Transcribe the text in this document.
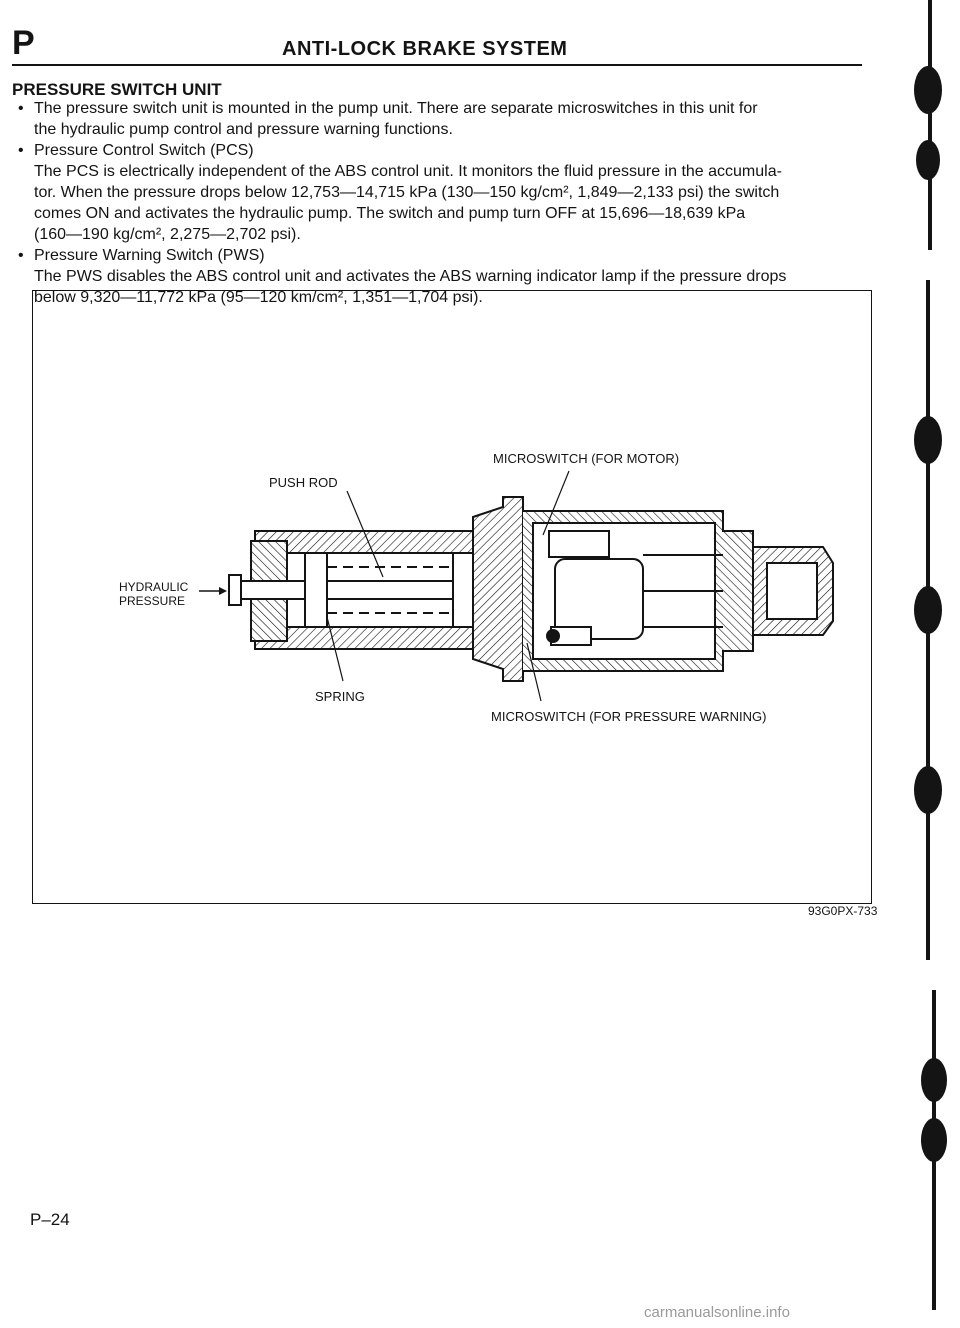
P	ANTI-LOCK BRAKE SYSTEM
PRESSURE SWITCH UNIT
• The pressure switch unit is mounted in the pump unit. There are separate microswitches in this unit for
the hydraulic pump control and pressure warning functions.
• Pressure Control Switch (PCS)
The PCS is electrically independent of the ABS control unit. It monitors the fluid pressure in the accumula-
tor. When the pressure drops below 12,753—14,715 kPa (130—150 kg/cm², 1,849—2,133 psi) the switch
comes ON and activates the hydraulic pump. The switch and pump turn OFF at 15,696—18,639 kPa
(160—190 kg/cm², 2,275—2,702 psi).
• Pressure Warning Switch (PWS)
The PWS disables the ABS control unit and activates the ABS warning indicator lamp if the pressure drops
below 9,320—11,772 kPa (95—120 km/cm², 1,351—1,704 psi).
MICROSWITCH (FOR MOTOR)
PUSH ROD
HYDRAULIC
PRESSURE
SPRING
MICROSWITCH (FOR PRESSURE WARNING)
93G0PX-733
P–24
carmanualsonline.info
